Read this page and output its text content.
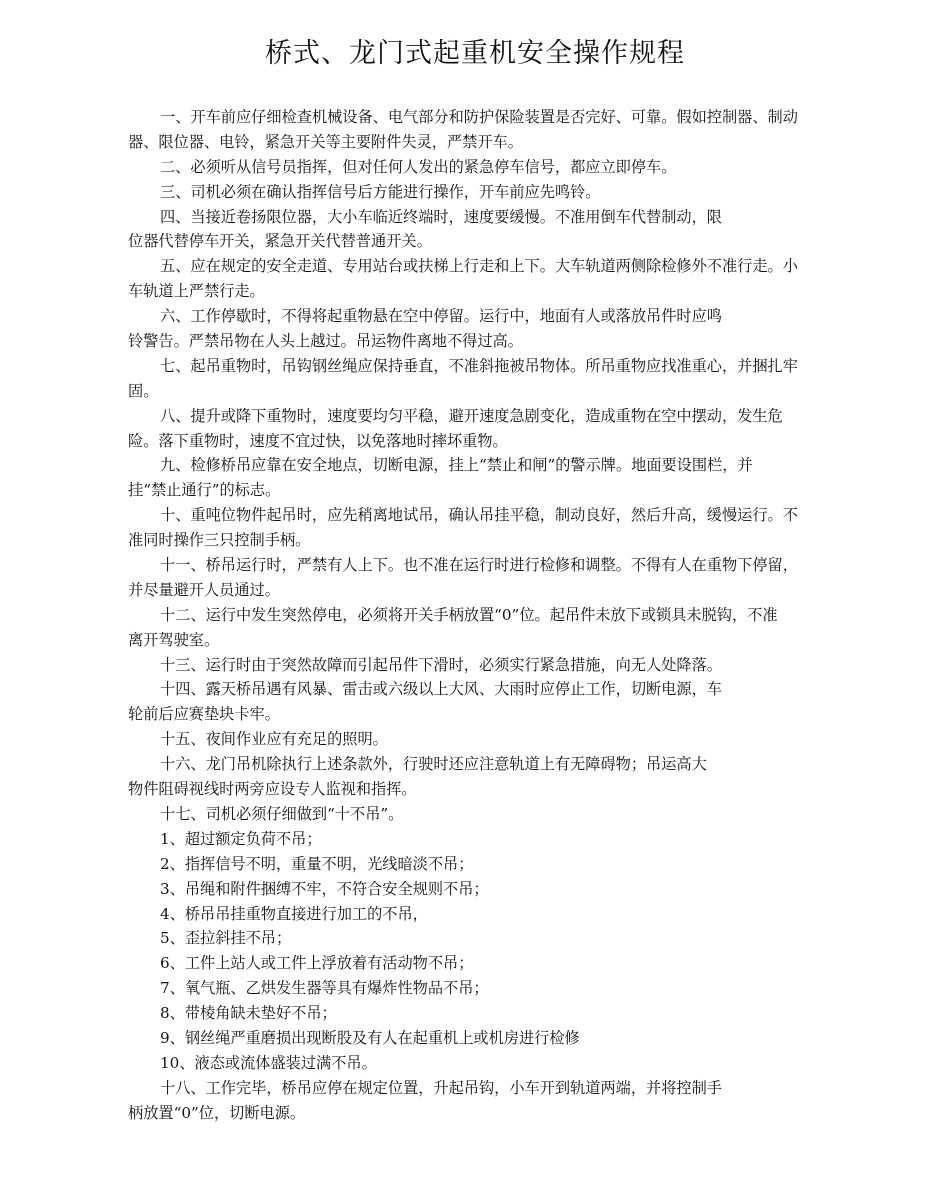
桥式、龙门式起重机安全操作规程
一、开车前应仔细检查机械设备、电气部分和防护保险装置是否完好、可靠。假如控制器、制动
器、限位器、电铃，紧急开关等主要附件失灵，严禁开车。
二、必须听从信号员指挥，但对任何人发出的紧急停车信号，都应立即停车。
三、司机必须在确认指挥信号后方能进行操作，开车前应先鸣铃。
四、当接近卷扬限位器，大小车临近终端时，速度要缓慢。不准用倒车代替制动，限
位器代替停车开关，紧急开关代替普通开关。
五、应在规定的安全走道、专用站台或扶梯上行走和上下。大车轨道两侧除检修外不准行走。小
车轨道上严禁行走。
六、工作停歇时，不得将起重物悬在空中停留。运行中，地面有人或落放吊件时应鸣
铃警告。严禁吊物在人头上越过。吊运物件离地不得过高。
七、起吊重物时，吊钩钢丝绳应保持垂直，不准斜拖被吊物体。所吊重物应找准重心，并捆扎牢
固。
八、提升或降下重物时，速度要均匀平稳，避开速度急剧变化，造成重物在空中摆动，发生危
险。落下重物时，速度不宜过快，以免落地时摔坏重物。
九、检修桥吊应靠在安全地点，切断电源，挂上“禁止和闸”的警示牌。地面要设围栏，并
挂“禁止通行”的标志。
十、重吨位物件起吊时，应先稍离地试吊，确认吊挂平稳，制动良好，然后升高，缓慢运行。不
准同时操作三只控制手柄。
十一、桥吊运行时，严禁有人上下。也不准在运行时进行检修和调整。不得有人在重物下停留，
并尽量避开人员通过。
十二、运行中发生突然停电，必须将开关手柄放置“0”位。起吊件未放下或锁具未脱钩，不准
离开驾驶室。
十三、运行时由于突然故障而引起吊件下滑时，必须实行紧急措施，向无人处降落。
十四、露天桥吊遇有风暴、雷击或六级以上大风、大雨时应停止工作，切断电源，车
轮前后应赛垫块卡牢。
十五、夜间作业应有充足的照明。
十六、龙门吊机除执行上述条款外，行驶时还应注意轨道上有无障碍物；吊运高大
物件阻碍视线时两旁应设专人监视和指挥。
十七、司机必须仔细做到“十不吊”。
1、超过额定负荷不吊；
2、指挥信号不明，重量不明，光线暗淡不吊；
3、吊绳和附件捆缚不牢，不符合安全规则不吊；
4、桥吊吊挂重物直接进行加工的不吊，
5、歪拉斜挂不吊；
6、工件上站人或工件上浮放着有活动物不吊；
7、氧气瓶、乙烘发生器等具有爆炸性物品不吊；
8、带棱角缺未垫好不吊；
9、钢丝绳严重磨损出现断股及有人在起重机上或机房进行检修
10、液态或流体盛装过满不吊。
十八、工作完毕，桥吊应停在规定位置，升起吊钩，小车开到轨道两端，并将控制手
柄放置“0”位，切断电源。
